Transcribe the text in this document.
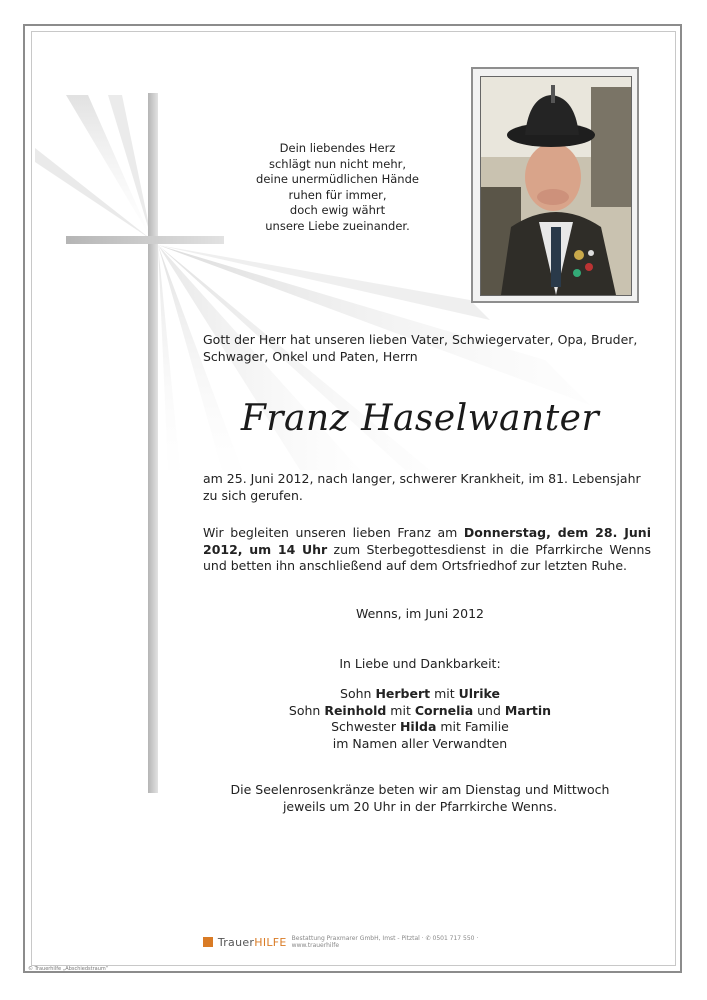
Dein liebendes Herz
schlägt nun nicht mehr,
deine unermüdlichen Hände
ruhen für immer,
doch ewig währt
unsere Liebe zueinander.
Gott der Herr hat unseren lieben Vater, Schwiegervater, Opa, Bruder, Schwager, Onkel und Paten, Herrn
Franz Haselwanter
am 25. Juni 2012, nach langer, schwerer Krankheit, im 81. Lebensjahr zu sich gerufen.
Wir begleiten unseren lieben Franz am Donnerstag, dem 28. Juni 2012, um 14 Uhr zum Sterbegottesdienst in die Pfarrkirche Wenns und betten ihn anschließend auf dem Ortsfriedhof zur letzten Ruhe.
Wenns, im Juni 2012
In Liebe und Dankbarkeit:
Sohn Herbert mit Ulrike
Sohn Reinhold mit Cornelia und Martin
Schwester Hilda mit Familie
im Namen aller Verwandten
Die Seelenrosenkränze beten wir am Dienstag und Mittwoch
jeweils um 20 Uhr in der Pfarrkirche Wenns.
TrauerHILFE Bestattung Praxmarer GmbH, Imst - Pitztal · ✆ 0501 717 550 · www.trauerhilfe
© Trauerhilfe „Abschiedstraum“
